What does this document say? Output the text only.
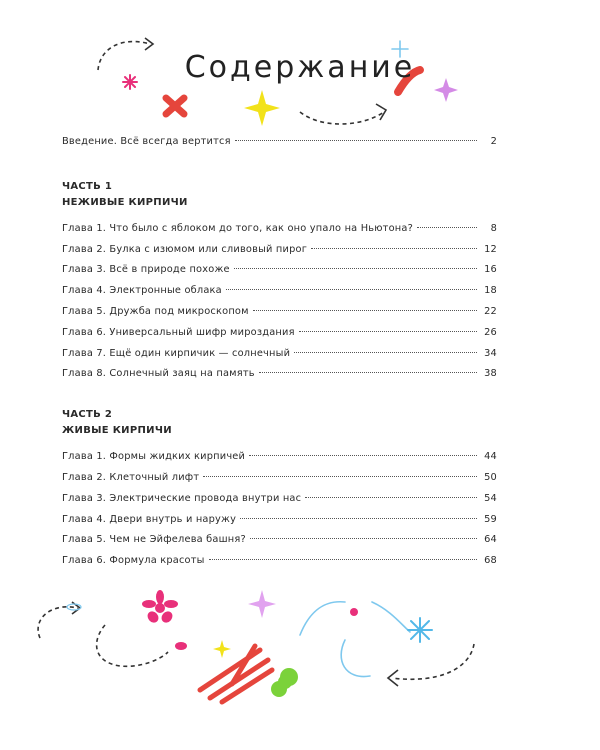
Содержание
Введение. Всё всегда вертится	2
ЧАСТЬ 1
НЕЖИВЫЕ КИРПИЧИ
Глава 1. Что было с яблоком до того, как оно упало на Ньютона?	8
Глава 2. Булка с изюмом или сливовый пирог	12
Глава 3. Всё в природе похоже	16
Глава 4. Электронные облака	18
Глава 5. Дружба под микроскопом	22
Глава 6. Универсальный шифр мироздания	26
Глава 7. Ещё один кирпичик — солнечный	34
Глава 8. Солнечный заяц на память	38
ЧАСТЬ 2
ЖИВЫЕ КИРПИЧИ
Глава 1. Формы жидких кирпичей	44
Глава 2. Клеточный лифт	50
Глава 3. Электрические провода внутри нас	54
Глава 4. Двери внутрь и наружу	59
Глава 5. Чем не Эйфелева башня?	64
Глава 6. Формула красоты	68
